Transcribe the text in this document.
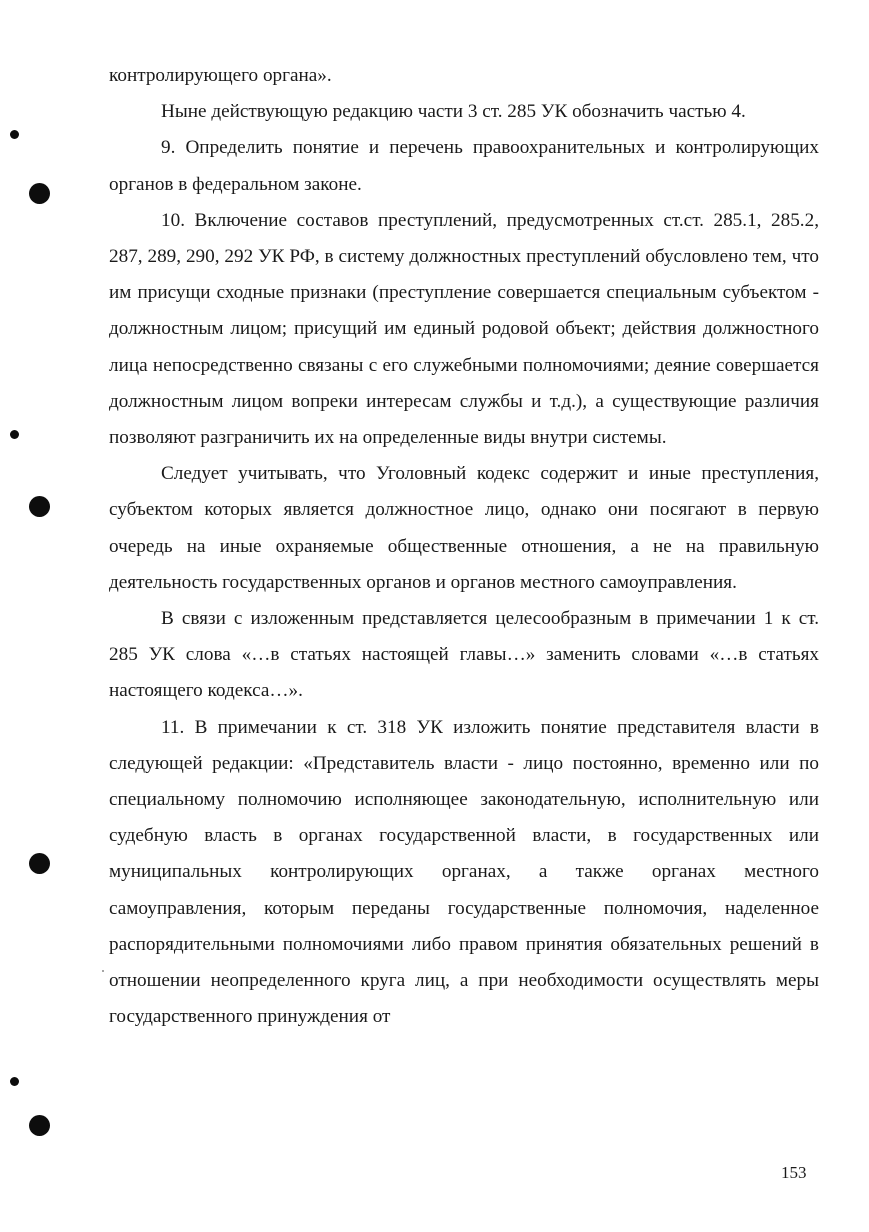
контролирующего органа».

Ныне действующую редакцию части 3 ст. 285 УК обозначить частью 4.

9. Определить понятие и перечень правоохранительных и контролирующих органов в федеральном законе.

10. Включение составов преступлений, предусмотренных ст.ст. 285.1, 285.2, 287, 289, 290, 292 УК РФ, в систему должностных преступлений обусловлено тем, что им присущи сходные признаки (преступление совершается специальным субъектом - должностным лицом; присущий им единый родовой объект; действия должностного лица непосредственно связаны с его служебными полномочиями; деяние совершается должностным лицом вопреки интересам службы и т.д.), а существующие различия позволяют разграничить их на определенные виды внутри системы.

Следует учитывать, что Уголовный кодекс содержит и иные преступления, субъектом которых является должностное лицо, однако они посягают в первую очередь на иные охраняемые общественные отношения, а не на правильную деятельность государственных органов и органов местного самоуправления.

В связи с изложенным представляется целесообразным в примечании 1 к ст. 285 УК слова «…в статьях настоящей главы…» заменить словами «…в статьях настоящего кодекса…».

11. В примечании к ст. 318 УК изложить понятие представителя власти в следующей редакции: «Представитель власти - лицо постоянно, временно или по специальному полномочию исполняющее законодательную, исполнительную или судебную власть в органах государственной власти, в государственных или муниципальных контролирующих органах, а также органах местного самоуправления, которым переданы государственные полномочия, наделенное распорядительными полномочиями либо правом принятия обязательных решений в отношении неопределенного круга лиц, а при необходимости осуществлять меры государственного принуждения от

153
